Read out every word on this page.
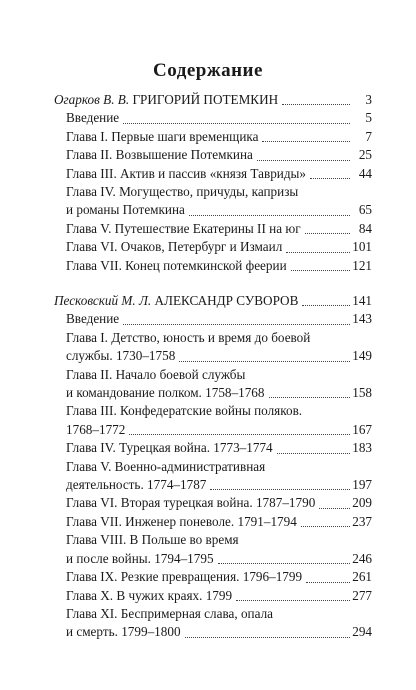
Содержание
Огарков В. В. ГРИГОРИЙ ПОТЕМКИН	3
Введение	5
Глава I. Первые шаги временщика	7
Глава II. Возвышение Потемкина	25
Глава III. Актив и пассив «князя Тавриды»	44
Глава IV. Могущество, причуды, капризы
и романы Потемкина	65
Глава V. Путешествие Екатерины II на юг	84
Глава VI. Очаков, Петербург и Измаил	101
Глава VII. Конец потемкинской феерии	121
Песковский М. Л. АЛЕКСАНДР СУВОРОВ	141
Введение	143
Глава I. Детство, юность и время до боевой
службы. 1730–1758	149
Глава II. Начало боевой службы
и командование полком. 1758–1768	158
Глава III. Конфедератские войны поляков.
1768–1772	167
Глава IV. Турецкая война. 1773–1774	183
Глава V. Военно-административная
деятельность. 1774–1787	197
Глава VI. Вторая турецкая война. 1787–1790	209
Глава VII. Инженер поневоле. 1791–1794	237
Глава VIII. В Польше во время
и после войны. 1794–1795	246
Глава IX. Резкие превращения. 1796–1799	261
Глава X. В чужих краях. 1799	277
Глава XI. Беспримерная слава, опала
и смерть. 1799–1800	294
